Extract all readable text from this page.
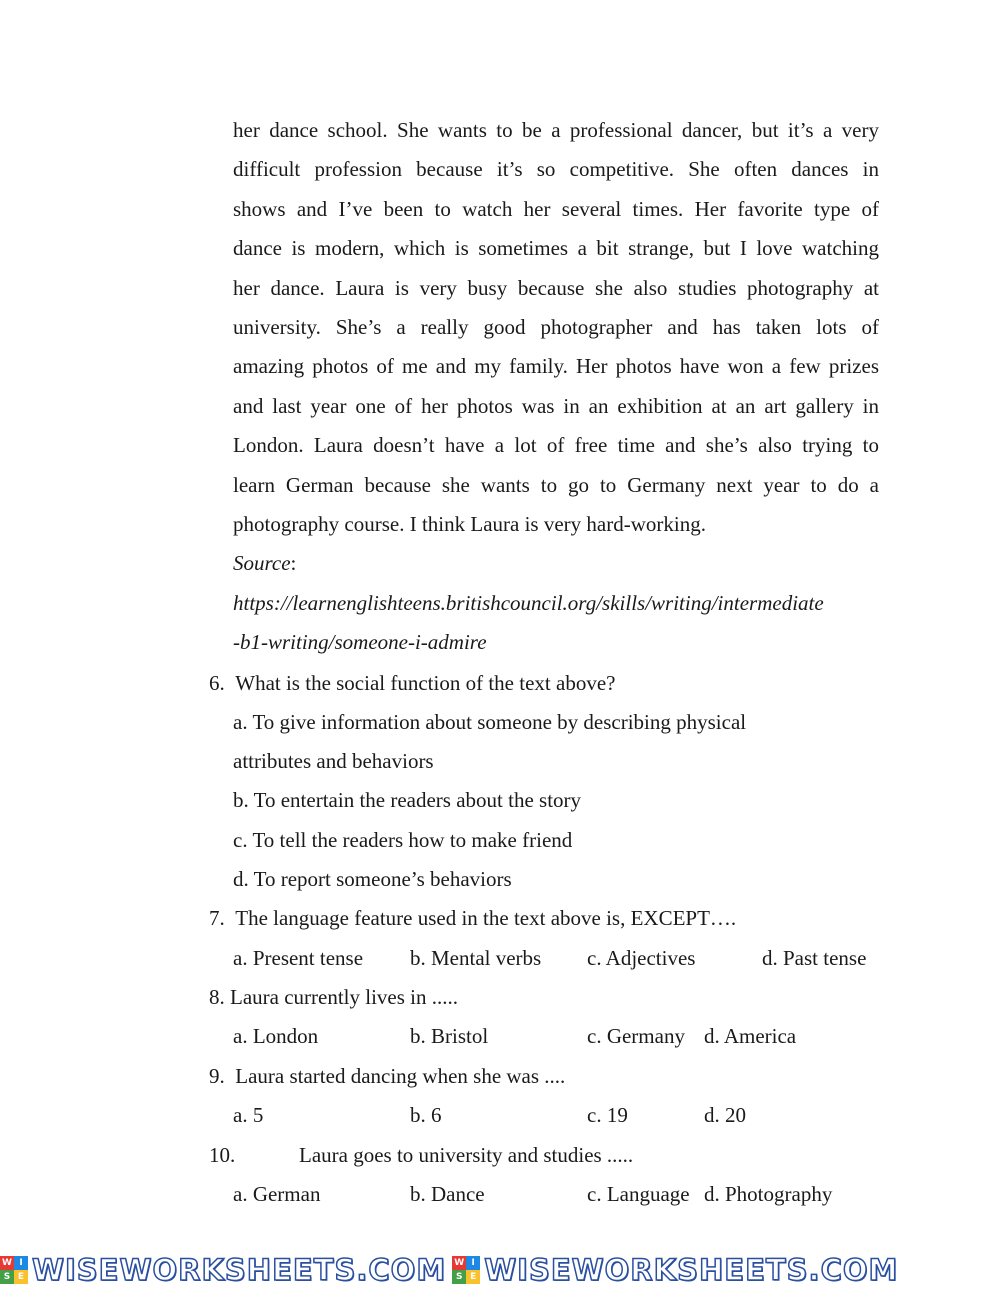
her dance school. She wants to be a professional dancer, but it’s a very
difficult profession because it’s so competitive. She often dances in
shows and I’ve been to watch her several times. Her favorite type of
dance is modern, which is sometimes a bit strange, but I love watching
her dance. Laura is very busy because she also studies photography at
university. She’s a really good photographer and has taken lots of
amazing photos of me and my family. Her photos have won a few prizes
and last year one of her photos was in an exhibition at an art gallery in
London. Laura doesn’t have a lot of free time and she’s also trying to
learn German because she wants to go to Germany next year to do a
photography course. I think Laura is very hard-working.
Source:
https://learnenglishteens.britishcouncil.org/skills/writing/intermediate
-b1-writing/someone-i-admire
6. What is the social function of the text above?
a. To give information about someone by describing physical
attributes and behaviors
b. To entertain the readers about the story
c. To tell the readers how to make friend
d. To report someone’s behaviors
7. The language feature used in the text above is, EXCEPT….
a. Present tense b. Mental verbs c. Adjectives	d. Past tense
8. Laura currently lives in .....
a. London	b. Bristol	c. Germany d. America
9. Laura started dancing when she was ....
a. 5	b. 6	c. 19	d. 20
10.	Laura goes to university and studies .....
a. German	b. Dance	c. Language d. Photography
W I
S E WISEWORKSHEETS.COM W I
S E WISEWORKSHEETS.COM
